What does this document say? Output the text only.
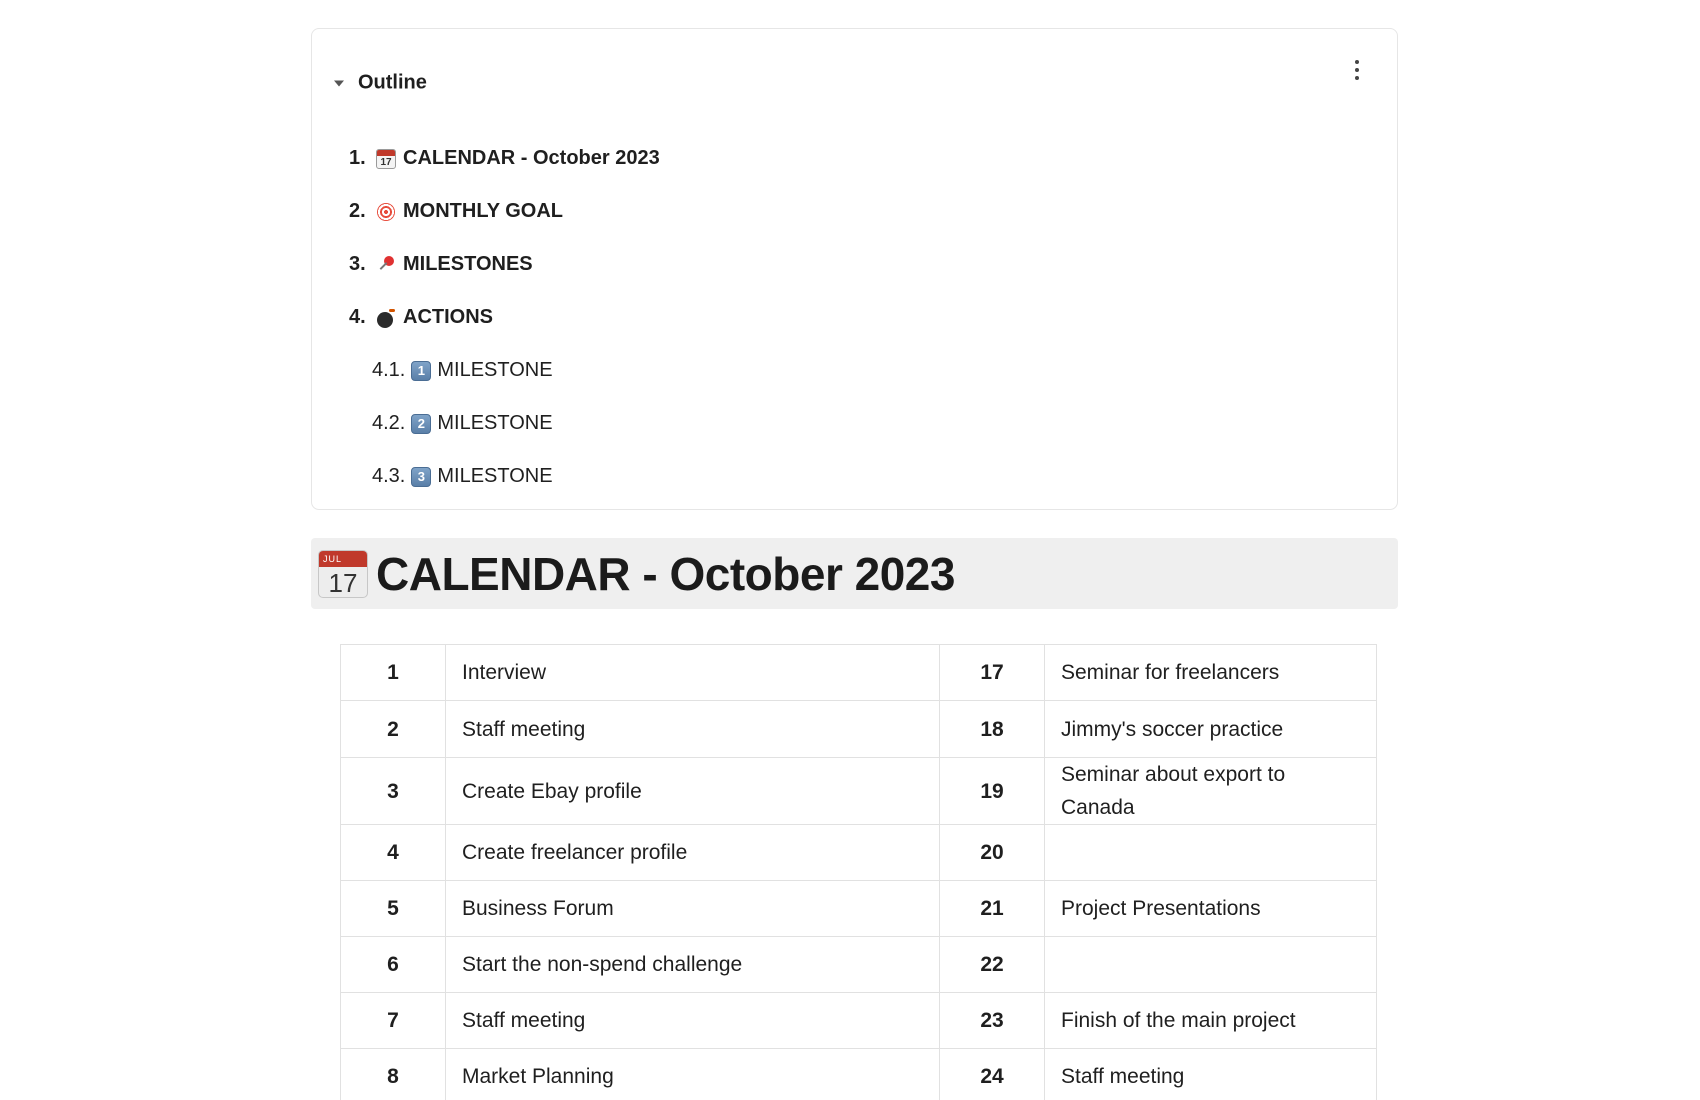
Outline
1.	17 CALENDAR - October 2023
2. MONTHLY GOAL
3. MILESTONES
4. ACTIONS
4.1. 1 MILESTONE
4.2. 2 MILESTONE
4.3. 3 MILESTONE
JUL
17 CALENDAR - October 2023
1	Interview	17	Seminar for freelancers
2	Staff meeting	18	Jimmy's soccer practice
3	Create Ebay profile	19	Seminar about export to Canada
4	Create freelancer profile	20	
5	Business Forum	21	Project Presentations
6	Start the non-spend challenge	22	
7	Staff meeting	23	Finish of the main project
8	Market Planning	24	Staff meeting
